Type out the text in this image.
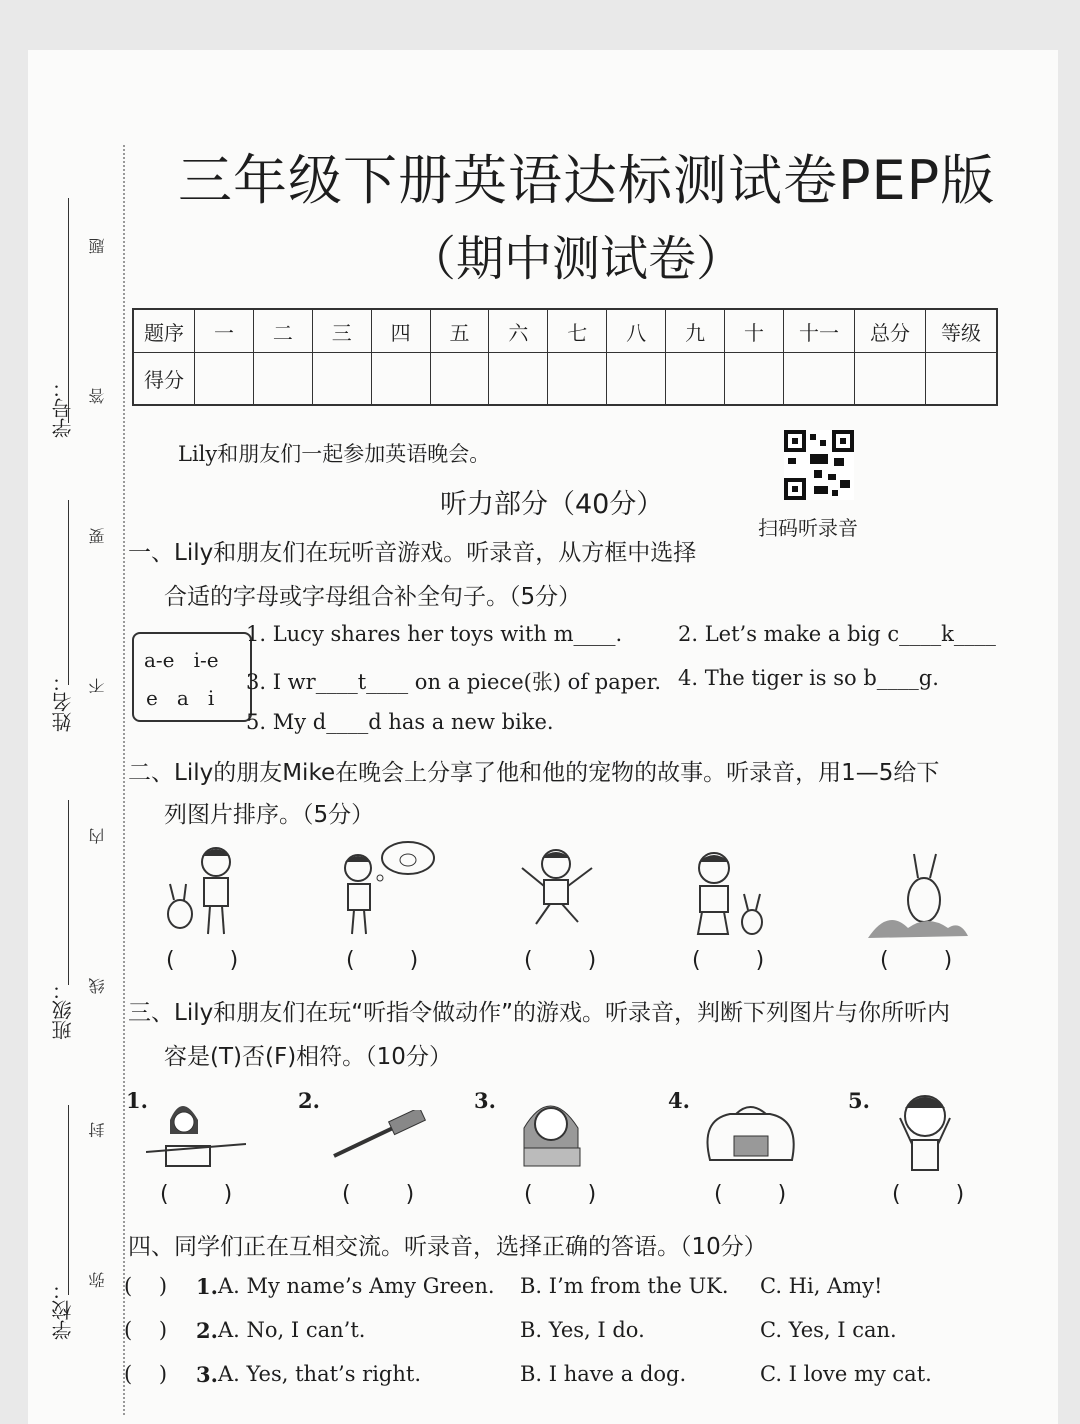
学号：
姓名：
班级：
学校：
题
答
要
不
内
线
封
弥
三年级下册英语达标测试卷PEP版
（期中测试卷）
题序	一	二	三	四	五	六	七	八	九	十	十一	总分	等级
得分													
Lily和朋友们一起参加英语晚会。
扫码听录音
听力部分（40分）
一、Lily和朋友们在玩听音游戏。听录音，从方框中选择
合适的字母或字母组合补全句子。（5分）
a-e   i-e
e   a   i
1. Lucy shares her toys with m____.	2. Let’s make a big c____k____
3. I wr____t____ on a piece(张) of paper. 4. The tiger is so b____g.
5. My d____d has a new bike.
二、Lily的朋友Mike在晚会上分享了他和他的宠物的故事。听录音，用1—5给下
列图片排序。（5分）
( )	( )	( )	( )	( )
三、Lily和朋友们在玩“听指令做动作”的游戏。听录音，判断下列图片与你所听内
容是(T)否(F)相符。（10分）
1.	2.	3.	4.	5.
( )	( )	( )	( )	( )
四、同学们正在互相交流。听录音，选择正确的答语。（10分）
(    ) 1. A. My name’s Amy Green. B. I’m from the UK. C. Hi, Amy!
(    ) 2. A. No, I can’t.	B. Yes, I do.	C. Yes, I can.
(    ) 3. A. Yes, that’s right.	B. I have a dog.	C. I love my cat.
